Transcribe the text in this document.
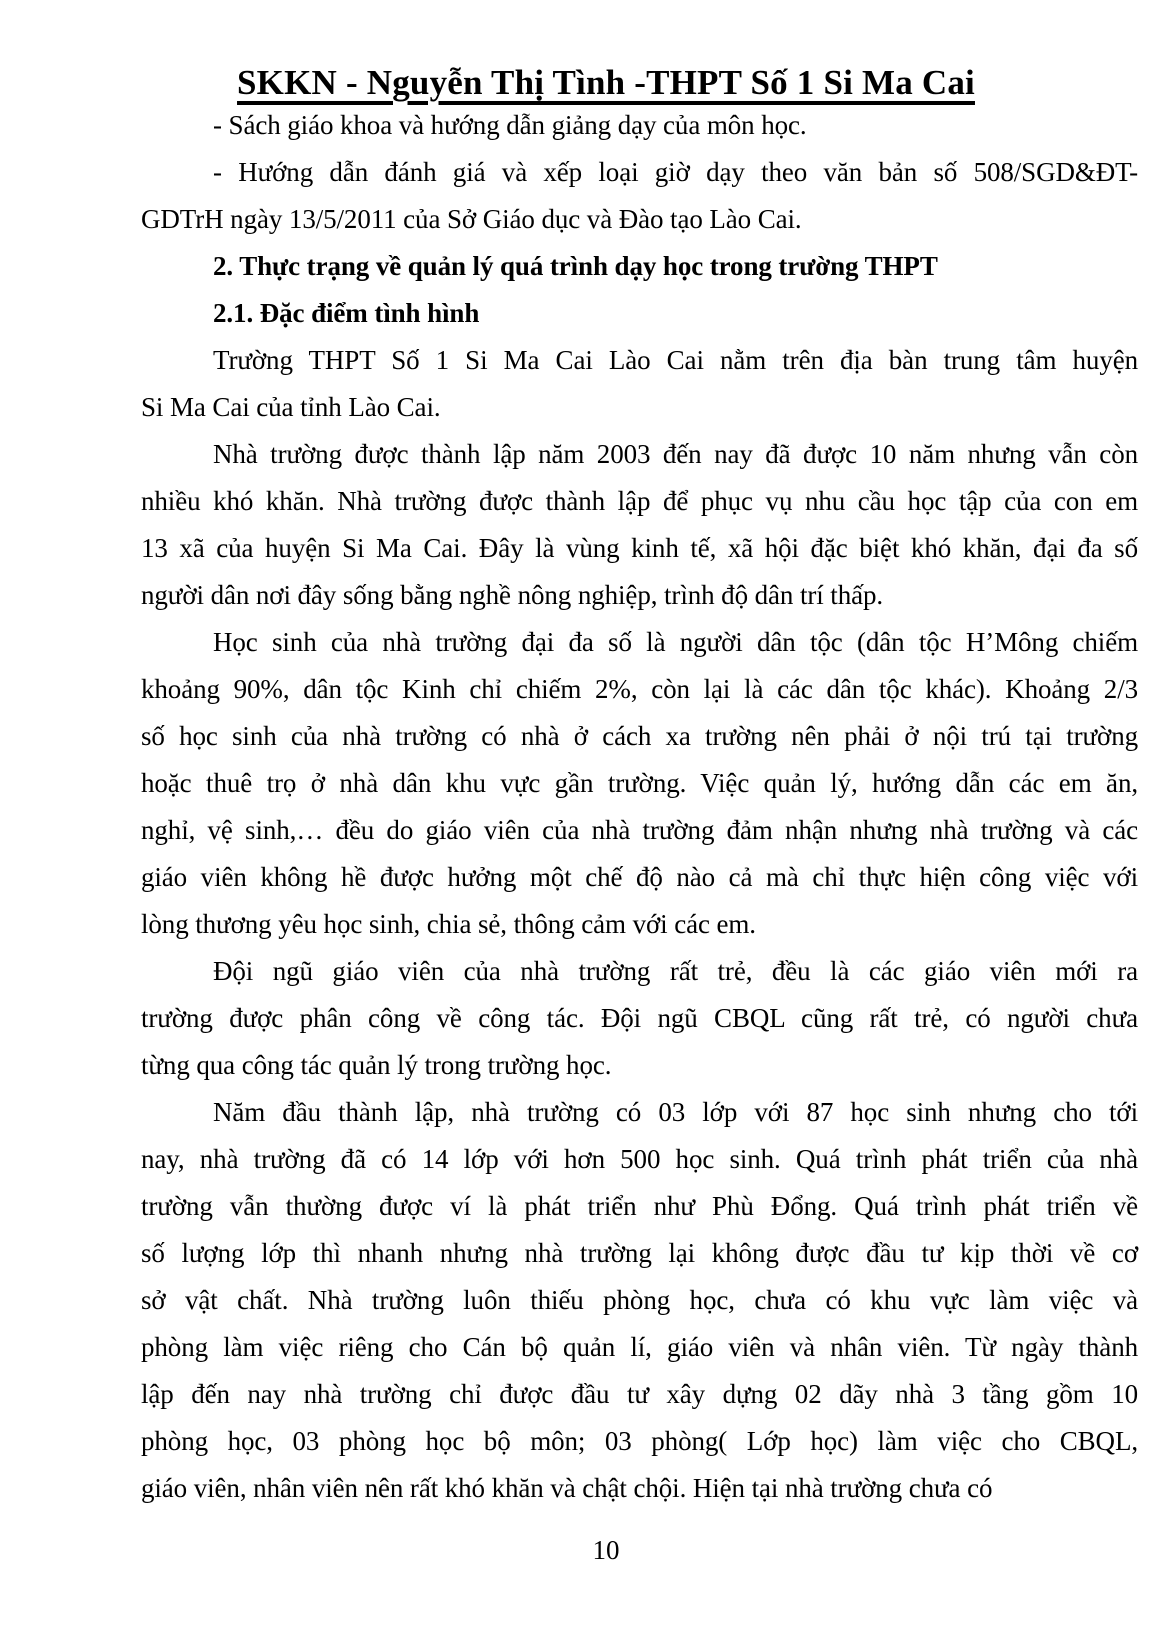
SKKN - Nguyễn Thị Tình -THPT Số 1 Si Ma Cai
- Sách giáo khoa và hướng dẫn giảng dạy của môn học.
- Hướng dẫn đánh giá và xếp loại giờ dạy theo văn bản số 508/SGD&ĐT-
GDTrH ngày 13/5/2011 của Sở Giáo dục và Đào tạo Lào Cai.
2. Thực trạng về quản lý quá trình dạy học trong trường THPT
2.1. Đặc điểm tình hình
Trường THPT Số 1 Si Ma Cai Lào Cai nằm trên địa bàn trung tâm huyện
Si Ma Cai của tỉnh Lào Cai.
Nhà trường được thành lập năm 2003 đến nay đã được 10 năm nhưng vẫn còn
nhiều khó khăn. Nhà trường được thành lập để phục vụ nhu cầu học tập của con em
13 xã của huyện Si Ma Cai. Đây là vùng kinh tế, xã hội đặc biệt khó khăn, đại đa số
người dân nơi đây sống bằng nghề nông nghiệp, trình độ dân trí thấp.
Học sinh của nhà trường đại đa số là người dân tộc (dân tộc H’Mông chiếm
khoảng 90%, dân tộc Kinh chỉ chiếm 2%, còn lại là các dân tộc khác). Khoảng 2/3
số học sinh của nhà trường có nhà ở cách xa trường nên phải ở nội trú tại trường
hoặc thuê trọ ở nhà dân khu vực gần trường. Việc quản lý, hướng dẫn các em ăn,
nghỉ, vệ sinh,… đều do giáo viên của nhà trường đảm nhận nhưng nhà trường và các
giáo viên không hề được hưởng một chế độ nào cả mà chỉ thực hiện công việc với
lòng thương yêu học sinh, chia sẻ, thông cảm với các em.
Đội ngũ giáo viên của nhà trường rất trẻ, đều là các giáo viên mới ra
trường được phân công về công tác. Đội ngũ CBQL cũng rất trẻ, có người chưa
từng qua công tác quản lý trong trường học.
Năm đầu thành lập, nhà trường có 03 lớp với 87 học sinh nhưng cho tới
nay, nhà trường đã có 14 lớp với hơn 500 học sinh. Quá trình phát triển của nhà
trường vẫn thường được ví là phát triển như Phù Đổng. Quá trình phát triển về
số lượng lớp thì nhanh nhưng nhà trường lại không được đầu tư kịp thời về cơ
sở vật chất. Nhà trường luôn thiếu phòng học, chưa có khu vực làm việc và
phòng làm việc riêng cho Cán bộ quản lí, giáo viên và nhân viên. Từ ngày thành
lập đến nay nhà trường chỉ được đầu tư xây dựng 02 dãy nhà 3 tầng gồm 10
phòng học, 03 phòng học bộ môn; 03 phòng( Lớp học) làm việc cho CBQL,
giáo viên, nhân viên nên rất khó khăn và chật chội. Hiện tại nhà trường chưa có
10
